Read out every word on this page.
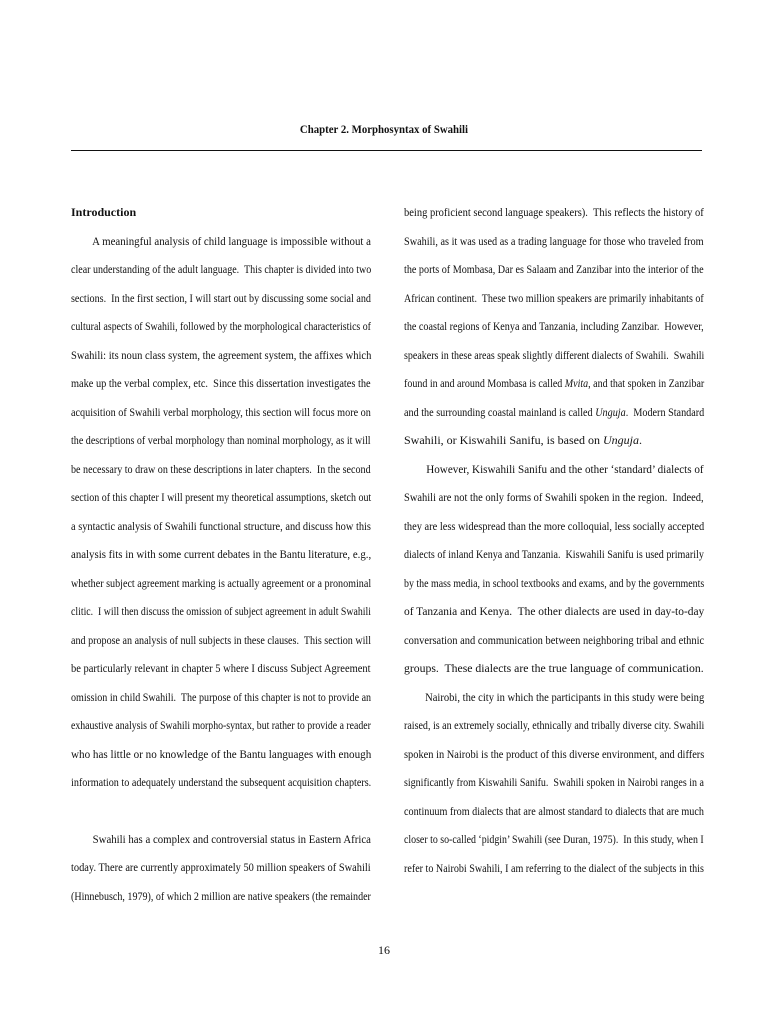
Chapter 2. Morphosyntax of Swahili

Introduction

A meaningful analysis of child language is impossible without a

clear understanding of the adult language.  This chapter is divided into two

sections.  In the first section, I will start out by discussing some social and

cultural aspects of Swahili, followed by the morphological characteristics of

Swahili: its noun class system, the agreement system, the affixes which

make up the verbal complex, etc.  Since this dissertation investigates the

acquisition of Swahili verbal morphology, this section will focus more on

the descriptions of verbal morphology than nominal morphology, as it will

be necessary to draw on these descriptions in later chapters.  In the second

section of this chapter I will present my theoretical assumptions, sketch out

a syntactic analysis of Swahili functional structure, and discuss how this

analysis fits in with some current debates in the Bantu literature, e.g.,

whether subject agreement marking is actually agreement or a pronominal

clitic.  I will then discuss the omission of subject agreement in adult Swahili

and propose an analysis of null subjects in these clauses.  This section will

be particularly relevant in chapter 5 where I discuss Subject Agreement

omission in child Swahili.  The purpose of this chapter is not to provide an

exhaustive analysis of Swahili morpho-syntax, but rather to provide a reader

who has little or no knowledge of the Bantu languages with enough

information to adequately understand the subsequent acquisition chapters.

Swahili has a complex and controversial status in Eastern Africa

today. There are currently approximately 50 million speakers of Swahili

(Hinnebusch, 1979), of which 2 million are native speakers (the remainder

being proficient second language speakers).  This reflects the history of

Swahili, as it was used as a trading language for those who traveled from

the ports of Mombasa, Dar es Salaam and Zanzibar into the interior of the

African continent.  These two million speakers are primarily inhabitants of

the coastal regions of Kenya and Tanzania, including Zanzibar.  However,

speakers in these areas speak slightly different dialects of Swahili.  Swahili

found in and around Mombasa is called Mvita, and that spoken in Zanzibar

and the surrounding coastal mainland is called Unguja.  Modern Standard

Swahili, or Kiswahili Sanifu, is based on Unguja.

However, Kiswahili Sanifu and the other ‘standard’ dialects of

Swahili are not the only forms of Swahili spoken in the region.  Indeed,

they are less widespread than the more colloquial, less socially accepted

dialects of inland Kenya and Tanzania.  Kiswahili Sanifu is used primarily

by the mass media, in school textbooks and exams, and by the governments

of Tanzania and Kenya.  The other dialects are used in day-to-day

conversation and communication between neighboring tribal and ethnic

groups.  These dialects are the true language of communication.

Nairobi, the city in which the participants in this study were being

raised, is an extremely socially, ethnically and tribally diverse city. Swahili

spoken in Nairobi is the product of this diverse environment, and differs

significantly from Kiswahili Sanifu.  Swahili spoken in Nairobi ranges in a

continuum from dialects that are almost standard to dialects that are much

closer to so-called ‘pidgin’ Swahili (see Duran, 1975).  In this study, when I

refer to Nairobi Swahili, I am referring to the dialect of the subjects in this

16
